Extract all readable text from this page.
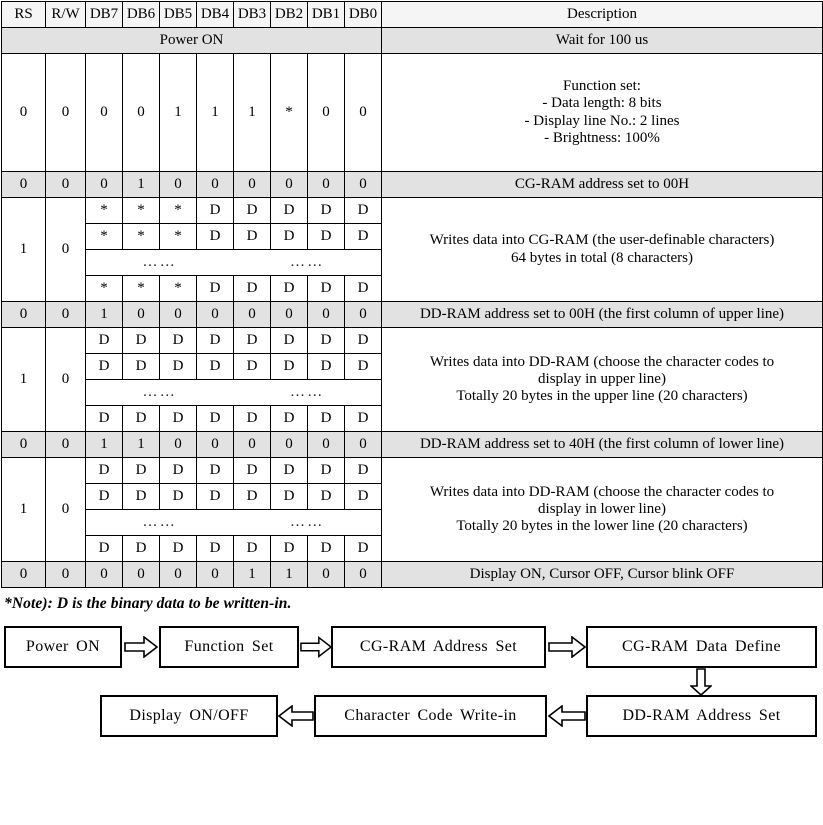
RS	R/W	DB7	DB6	DB5	DB4	DB3	DB2	DB1	DB0	Description
Power ON										Wait for 100 us
0	0	0	0	1	1	1	*	0	0	Function set:
- Data length: 8 bits
- Display line No.: 2 lines
- Brightness: 100%

0	0	0	1	0	0	0	0	0	0	CG-RAM address set to 00H
1	0	*	*	*	D	D	D	D	D	Writes data into CG-RAM (the user-definable characters)
64 bytes in total (8 characters)

		*	*	*	D	D	D	D	D	

		…… ……								

		*	*	*	D	D	D	D	D	
0	0	1	0	0	0	0	0	0	0	DD-RAM address set to 00H (the first column of upper line)
1	0	D	D	D	D	D	D	D	D	Writes data into DD-RAM (choose the character codes to
display in upper line)
Totally 20 bytes in the upper line (20 characters)

		D	D	D	D	D	D	D	D	

		…… ……								

		D	D	D	D	D	D	D	D	
0	0	1	1	0	0	0	0	0	0	DD-RAM address set to 40H (the first column of lower line)
1	0	D	D	D	D	D	D	D	D	Writes data into DD-RAM (choose the character codes to
display in lower line)
Totally 20 bytes in the lower line (20 characters)

		D	D	D	D	D	D	D	D	

		…… ……								

		D	D	D	D	D	D	D	D	
0	0	0	0	0	0	1	1	0	0	Display ON, Cursor OFF, Cursor blink OFF
*Note): D is the binary data to be written-in.
Power ON	Function Set	CG-RAM Address Set	CG-RAM Data Define
Display ON/OFF	Character Code Write-in	DD-RAM Address Set
